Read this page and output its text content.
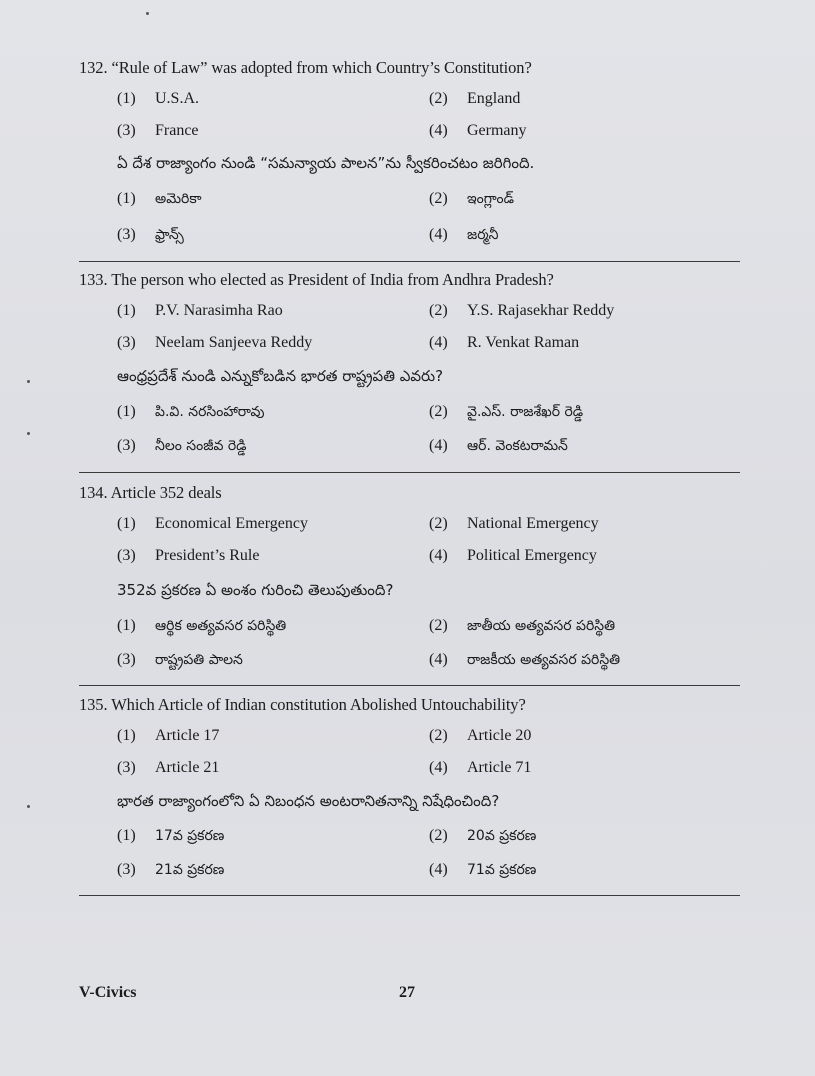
132. “Rule of Law” was adopted from which Country’s Constitution?
(1) U.S.A.	(2) England
(3) France	(4) Germany
ఏ దేశ రాజ్యాంగం నుండి “సమన్యాయ పాలన”ను స్వీకరించటం జరిగింది.
(1) అమెరికా	(2) ఇంగ్లాండ్
(3) ఫ్రాన్స్	(4) జర్మనీ
133. The person who elected as President of India from Andhra Pradesh?
(1) P.V. Narasimha Rao	(2) Y.S. Rajasekhar Reddy
(3) Neelam Sanjeeva Reddy	(4) R. Venkat Raman
ఆంధ్రప్రదేశ్ నుండి ఎన్నుకోబడిన భారత రాష్ట్రపతి ఎవరు?
(1) పి.వి. నరసింహారావు	(2) వై.ఎస్. రాజశేఖర్ రెడ్డి
(3) నీలం సంజీవ రెడ్డి	(4) ఆర్. వెంకటరామన్
134. Article 352 deals
(1) Economical Emergency	(2) National Emergency
(3) President’s Rule	(4) Political Emergency
352వ ప్రకరణ ఏ అంశం గురించి తెలుపుతుంది?
(1) ఆర్థిక అత్యవసర పరిస్థితి	(2) జాతీయ అత్యవసర పరిస్థితి
(3) రాష్ట్రపతి పాలన	(4) రాజకీయ అత్యవసర పరిస్థితి
135. Which Article of Indian constitution Abolished Untouchability?
(1) Article 17	(2) Article 20
(3) Article 21	(4) Article 71
భారత రాజ్యాంగంలోని ఏ నిబంధన అంటరానితనాన్ని నిషేధించింది?
(1) 17వ ప్రకరణ	(2) 20వ ప్రకరణ
(3) 21వ ప్రకరణ	(4) 71వ ప్రకరణ
V-Civics	27
